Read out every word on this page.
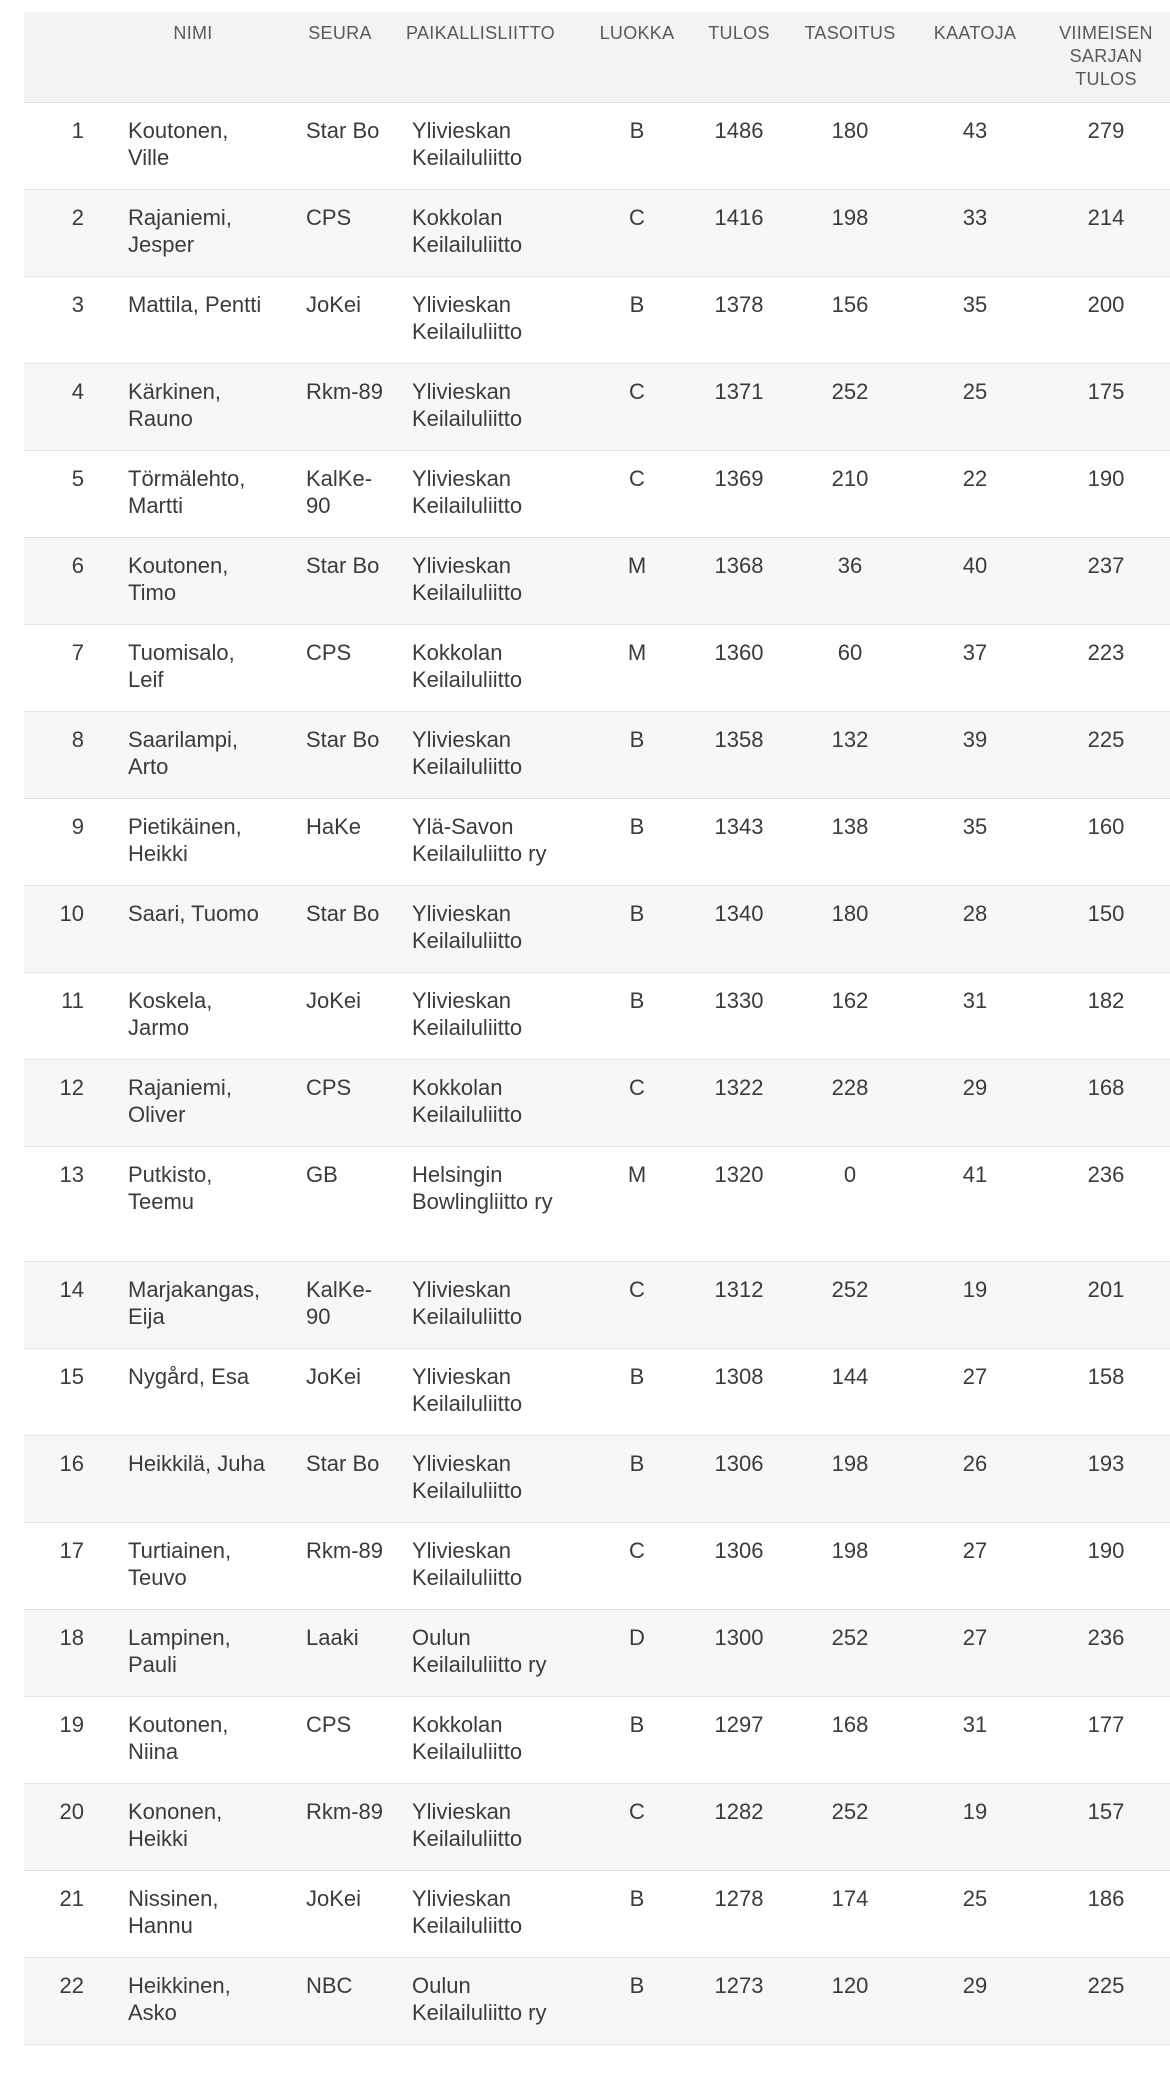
	NIMI	SEURA	PAIKALLISLIITTO	LUOKKA	TULOS	TASOITUS	KAATOJA	VIIMEISEN SARJAN TULOS
1	Koutonen, Ville	Star Bo	Ylivieskan Keilailuliitto	B	1486	180	43	279
2	Rajaniemi, Jesper	CPS	Kokkolan Keilailuliitto	C	1416	198	33	214
3	Mattila, Pentti	JoKei	Ylivieskan Keilailuliitto	B	1378	156	35	200
4	Kärkinen, Rauno	Rkm-89	Ylivieskan Keilailuliitto	C	1371	252	25	175
5	Törmälehto, Martti	KalKe-90	Ylivieskan Keilailuliitto	C	1369	210	22	190
6	Koutonen, Timo	Star Bo	Ylivieskan Keilailuliitto	M	1368	36	40	237
7	Tuomisalo, Leif	CPS	Kokkolan Keilailuliitto	M	1360	60	37	223
8	Saarilampi, Arto	Star Bo	Ylivieskan Keilailuliitto	B	1358	132	39	225
9	Pietikäinen, Heikki	HaKe	Ylä-Savon Keilailuliitto ry	B	1343	138	35	160
10	Saari, Tuomo	Star Bo	Ylivieskan Keilailuliitto	B	1340	180	28	150
11	Koskela, Jarmo	JoKei	Ylivieskan Keilailuliitto	B	1330	162	31	182
12	Rajaniemi, Oliver	CPS	Kokkolan Keilailuliitto	C	1322	228	29	168
13	Putkisto, Teemu	GB	Helsingin Bowlingliitto ry	M	1320	0	41	236
14	Marjakangas, Eija	KalKe-90	Ylivieskan Keilailuliitto	C	1312	252	19	201
15	Nygård, Esa	JoKei	Ylivieskan Keilailuliitto	B	1308	144	27	158
16	Heikkilä, Juha	Star Bo	Ylivieskan Keilailuliitto	B	1306	198	26	193
17	Turtiainen, Teuvo	Rkm-89	Ylivieskan Keilailuliitto	C	1306	198	27	190
18	Lampinen, Pauli	Laaki	Oulun Keilailuliitto ry	D	1300	252	27	236
19	Koutonen, Niina	CPS	Kokkolan Keilailuliitto	B	1297	168	31	177
20	Kononen, Heikki	Rkm-89	Ylivieskan Keilailuliitto	C	1282	252	19	157
21	Nissinen, Hannu	JoKei	Ylivieskan Keilailuliitto	B	1278	174	25	186
22	Heikkinen, Asko	NBC	Oulun Keilailuliitto ry	B	1273	120	29	225
